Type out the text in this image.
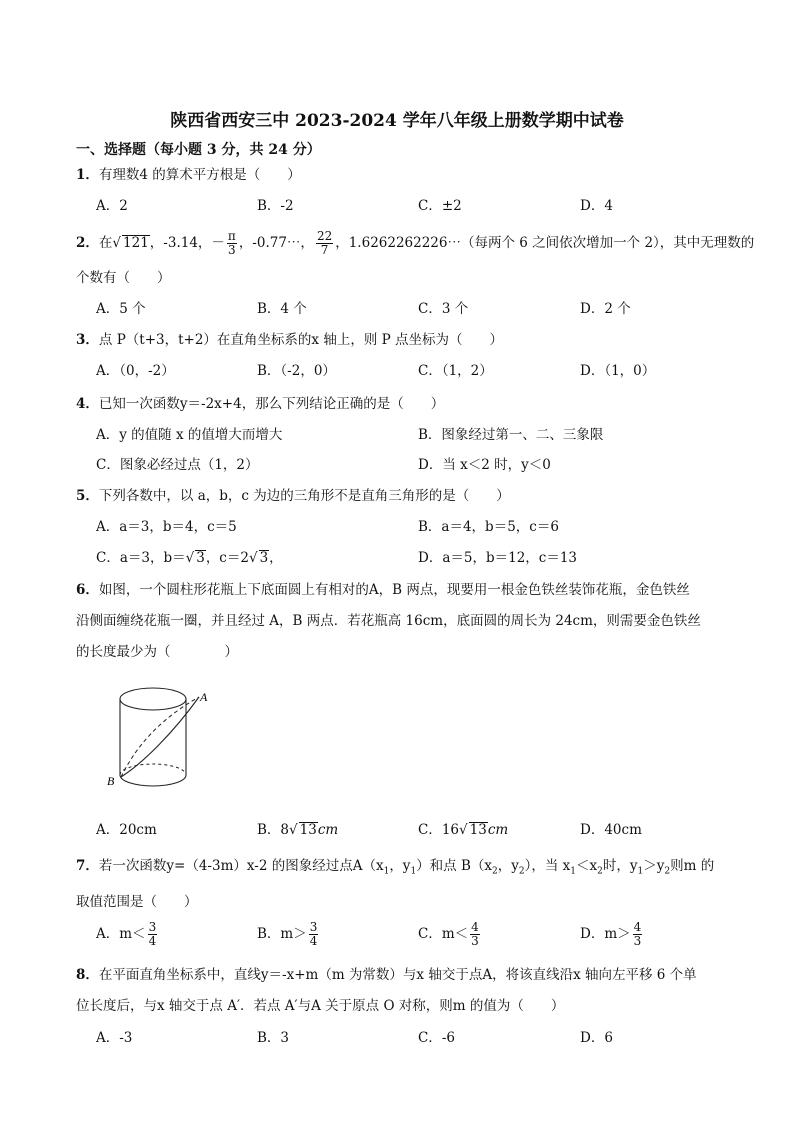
陕西省西安三中 2023-2024 学年八年级上册数学期中试卷
一、选择题（每小题 3 分，共 24 分）
1．有理数4 的算术平方根是（　　）
A．2	B．-2	C．±2	D．4
2．在√ 121，-3.14，－ $\frac{\pi}{3}$ ，-0.77⋯， $\frac{22}{7}$ ，1.6262262226⋯（每两个 6 之间依次增加一个 2），其中无理数的
个数有（　　）
A．5 个	B．4 个	C．3 个	D．2 个
3．点 P（t+3，t+2）在直角坐标系的x 轴上，则 P 点坐标为（　　）
A．（0，-2）	B．（-2，0）	C．（1，2）	D．（1，0）
4．已知一次函数y＝-2x+4，那么下列结论正确的是（　　）
A．y 的值随 x 的值增大而增大	B．图象经过第一、二、三象限
C．图象必经过点（1，2）	D．当 x＜2 时，y＜0
5．下列各数中，以 a，b，c 为边的三角形不是直角三角形的是（　　）
A．a＝3，b＝4，c＝5	B．a＝4，b＝5，c＝6
C．a＝3，b＝√ 3，c＝2√ 3，	D．a＝5，b＝12，c＝13
6．如图，一个圆柱形花瓶上下底面圆上有相对的A，B 两点，现要用一根金色铁丝装饰花瓶，金色铁丝
沿侧面缠绕花瓶一圈，并且经过 A，B 两点．若花瓶高 16cm，底面圆的周长为 24cm，则需要金色铁丝
的长度最少为（　　　　）
A
B
A．20cm	B．8√ 13cm	C．16√ 13cm	D．40cm
7．若一次函数y=（4-3m）x-2 的图象经过点$A(x_1$，$y_1$）和点 $B(x_2$，$y_2$），当 $x_1<x_2$时，$y_1>y_2$则m 的
取值范围是（　　）
A．$m< \frac{3}{4}$	B．$m> \frac{3}{4}$	C．$m< \frac{4}{3}$	D．$m> \frac{4}{3}$
8．在平面直角坐标系中，直线y＝-x+m（m 为常数）与x 轴交于点A，将该直线沿x 轴向左平移 6 个单
位长度后，与x 轴交于点 A′．若点 A′与A 关于原点 O 对称，则m 的值为（　　）
A．-3	B．3	C．-6	D．6
